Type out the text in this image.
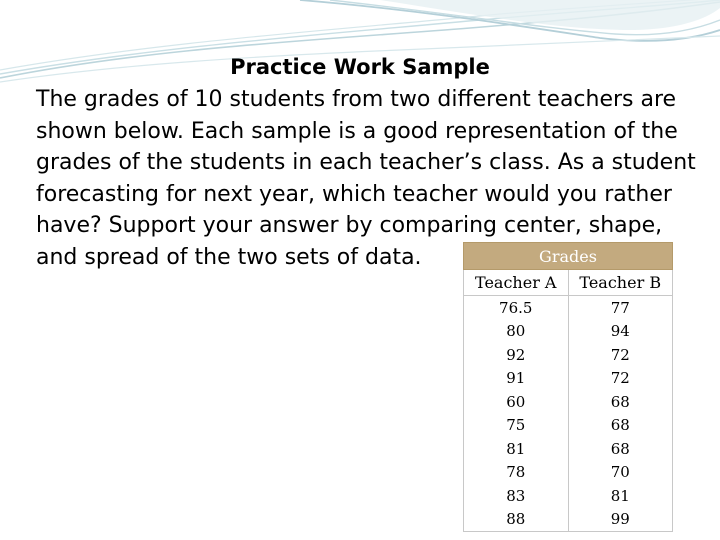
Practice Work Sample

The grades of 10 students from two different teachers are
shown below. Each sample is a good representation of the
grades of the students in each teacher’s class. As a student
forecasting for next year, which teacher would you rather
have? Support your answer by comparing center, shape,
and spread of the two sets of data.	Grades	
Teacher A	Teacher B
76.5	77
80	94
92	72
91	72
60	68
75	68
81	68
78	70
83	81
88	99
